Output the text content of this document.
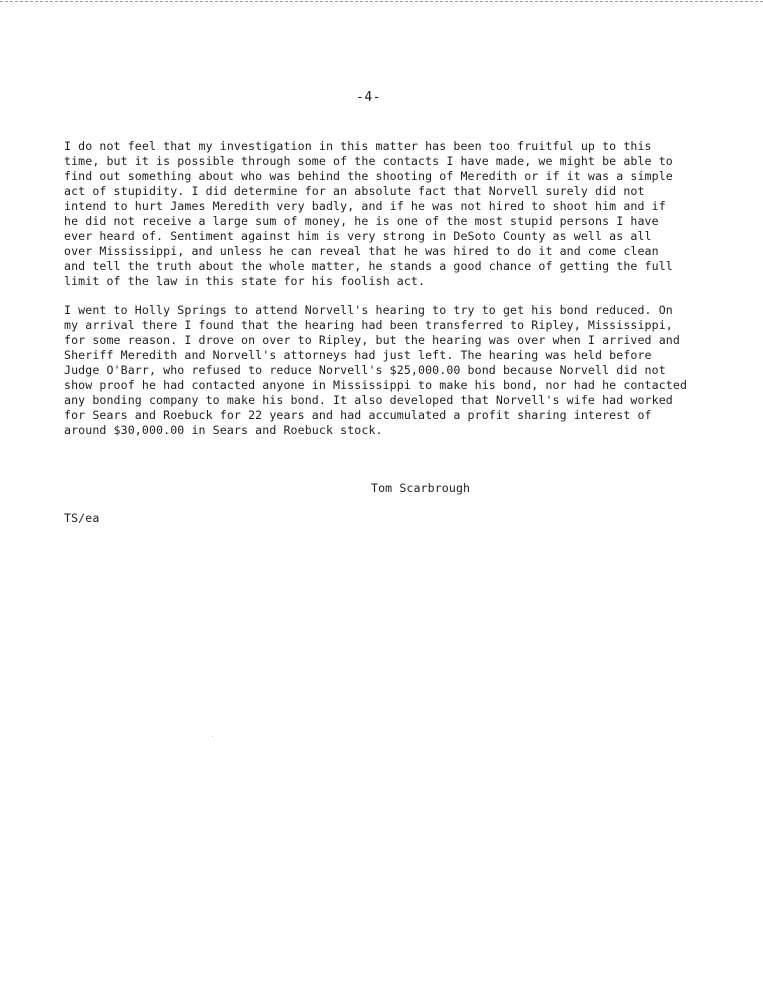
-4-

I do not feel that my investigation in this matter has been too fruitful up to this
time, but it is possible through some of the contacts I have made, we might be able to
find out something about who was behind the shooting of Meredith or if it was a simple
act of stupidity. I did determine for an absolute fact that Norvell surely did not
intend to hurt James Meredith very badly, and if he was not hired to shoot him and if
he did not receive a large sum of money, he is one of the most stupid persons I have
ever heard of. Sentiment against him is very strong in DeSoto County as well as all
over Mississippi, and unless he can reveal that he was hired to do it and come clean
and tell the truth about the whole matter, he stands a good chance of getting the full
limit of the law in this state for his foolish act.

I went to Holly Springs to attend Norvell's hearing to try to get his bond reduced. On
my arrival there I found that the hearing had been transferred to Ripley, Mississippi,
for some reason. I drove on over to Ripley, but the hearing was over when I arrived and
Sheriff Meredith and Norvell's attorneys had just left. The hearing was held before
Judge O'Barr, who refused to reduce Norvell's $25,000.00 bond because Norvell did not
show proof he had contacted anyone in Mississippi to make his bond, nor had he contacted
any bonding company to make his bond. It also developed that Norvell's wife had worked
for Sears and Roebuck for 22 years and had accumulated a profit sharing interest of
around $30,000.00 in Sears and Roebuck stock.

Tom Scarbrough
TS/ea
